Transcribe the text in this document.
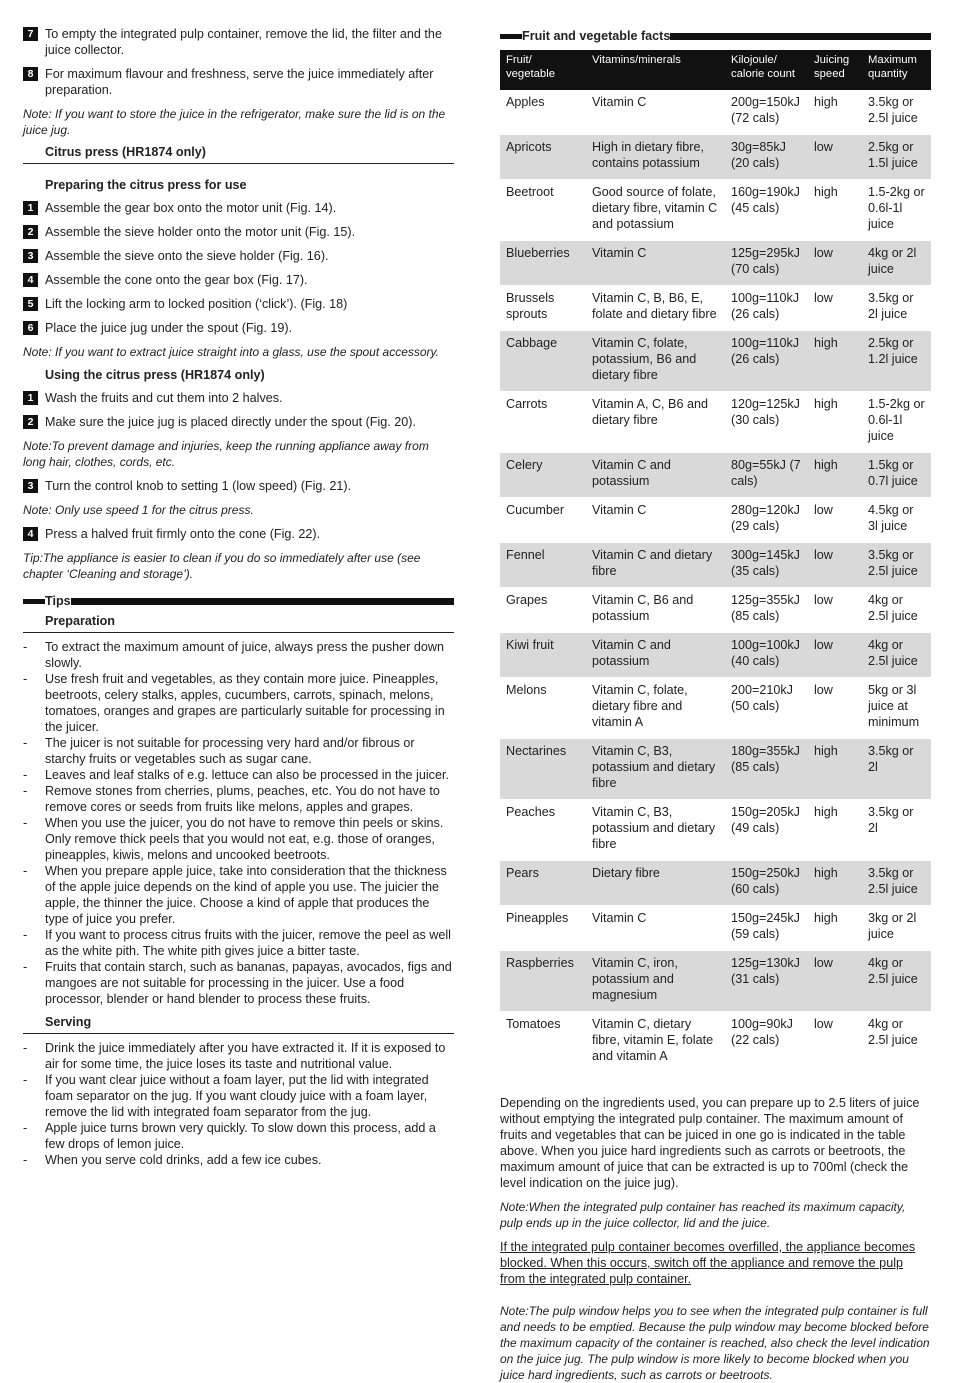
7 To empty the integrated pulp container, remove the lid, the filter and the juice collector.
8 For maximum flavour and freshness, serve the juice immediately after preparation.

Note: If you want to store the juice in the refrigerator, make sure the lid is on the juice jug.

Citrus press (HR1874 only)
Preparing the citrus press for use
1 Assemble the gear box onto the motor unit (Fig. 14).
2 Assemble the sieve holder onto the motor unit (Fig. 15).
3 Assemble the sieve onto the sieve holder (Fig. 16).
4 Assemble the cone onto the gear box (Fig. 17).
5 Lift the locking arm to locked position (‘click’). (Fig. 18)
6 Place the juice jug under the spout (Fig. 19).

Note: If you want to extract juice straight into a glass, use the spout accessory.

Using the citrus press (HR1874 only)
1 Wash the fruits and cut them into 2 halves.
2 Make sure the juice jug is placed directly under the spout (Fig. 20).

Note:To prevent damage and injuries, keep the running appliance away from long hair, clothes, cords, etc.

3 Turn the control knob to setting 1 (low speed) (Fig. 21).

Note: Only use speed 1 for the citrus press.

4 Press a halved fruit firmly onto the cone (Fig. 22).

Tip:The appliance is easier to clean if you do so immediately after use (see chapter ‘Cleaning and storage’).

Tips
Preparation
- To extract the maximum amount of juice, always press the pusher down slowly.
- Use fresh fruit and vegetables, as they contain more juice. Pineapples, beetroots, celery stalks, apples, cucumbers, carrots, spinach, melons, tomatoes, oranges and grapes are particularly suitable for processing in the juicer.
- The juicer is not suitable for processing very hard and/or fibrous or starchy fruits or vegetables such as sugar cane.
- Leaves and leaf stalks of e.g. lettuce can also be processed in the juicer.
- Remove stones from cherries, plums, peaches, etc. You do not have to remove cores or seeds from fruits like melons, apples and grapes.
- When you use the juicer, you do not have to remove thin peels or skins. Only remove thick peels that you would not eat, e.g. those of oranges, pineapples, kiwis, melons and uncooked beetroots.
- When you prepare apple juice, take into consideration that the thickness of the apple juice depends on the kind of apple you use. The juicier the apple, the thinner the juice. Choose a kind of apple that produces the type of juice you prefer.
- If you want to process citrus fruits with the juicer, remove the peel as well as the white pith. The white pith gives juice a bitter taste.
- Fruits that contain starch, such as bananas, papayas, avocados, figs and mangoes are not suitable for processing in the juicer. Use a food processor, blender or hand blender to process these fruits.
Serving
- Drink the juice immediately after you have extracted it. If it is exposed to air for some time, the juice loses its taste and nutritional value.
- If you want clear juice without a foam layer, put the lid with integrated foam separator on the jug. If you want cloudy juice with a foam layer, remove the lid with integrated foam separator from the jug.
- Apple juice turns brown very quickly. To slow down this process, add a few drops of lemon juice.
- When you serve cold drinks, add a few ice cubes.
Fruit and vegetable facts
Fruit/ vegetable	Vitamins/minerals	Kilojoule/ calorie count	Juicing speed	Maximum quantity
Apples	Vitamin C	200g=150kJ (72 cals)	high	3.5kg or 2.5l juice
Apricots	High in dietary fibre, contains potassium	30g=85kJ (20 cals)	low	2.5kg or 1.5l juice
Beetroot	Good source of folate, dietary fibre, vitamin C and potassium	160g=190kJ (45 cals)	high	1.5-2kg or 0.6l-1l juice
Blueberries	Vitamin C	125g=295kJ (70 cals)	low	4kg or 2l juice
Brussels sprouts	Vitamin C, B, B6, E, folate and dietary fibre	100g=110kJ (26 cals)	low	3.5kg or 2l juice
Cabbage	Vitamin C, folate, potassium, B6 and dietary fibre	100g=110kJ (26 cals)	high	2.5kg or 1.2l juice
Carrots	Vitamin A, C, B6 and dietary fibre	120g=125kJ (30 cals)	high	1.5-2kg or 0.6l-1l juice
Celery	Vitamin C and potassium	80g=55kJ (7 cals)	high	1.5kg or 0.7l juice
Cucumber	Vitamin C	280g=120kJ (29 cals)	low	4.5kg or 3l juice
Fennel	Vitamin C and dietary fibre	300g=145kJ (35 cals)	low	3.5kg or 2.5l juice
Grapes	Vitamin C, B6 and potassium	125g=355kJ (85 cals)	low	4kg or 2.5l juice
Kiwi fruit	Vitamin C and potassium	100g=100kJ (40 cals)	low	4kg or 2.5l juice
Melons	Vitamin C, folate, dietary fibre and vitamin A	200=210kJ (50 cals)	low	5kg or 3l juice at minimum
Nectarines	Vitamin C, B3, potassium and dietary fibre	180g=355kJ (85 cals)	high	3.5kg or 2l
Peaches	Vitamin C, B3, potassium and dietary fibre	150g=205kJ (49 cals)	high	3.5kg or 2l
Pears	Dietary fibre	150g=250kJ (60 cals)	high	3.5kg or 2.5l juice
Pineapples	Vitamin C	150g=245kJ (59 cals)	high	3kg or 2l juice
Raspberries	Vitamin C, iron, potassium and magnesium	125g=130kJ (31 cals)	low	4kg or 2.5l juice
Tomatoes	Vitamin C, dietary fibre, vitamin E, folate and vitamin A	100g=90kJ (22 cals)	low	4kg or 2.5l juice

Depending on the ingredients used, you can prepare up to 2.5 liters of juice without emptying the integrated pulp container. The maximum amount of fruits and vegetables that can be juiced in one go is indicated in the table above. When you juice hard ingredients such as carrots or beetroots, the maximum amount of juice that can be extracted is up to 700ml (check the level indication on the juice jug).

Note:When the integrated pulp container has reached its maximum capacity, pulp ends up in the juice collector, lid and the juice.

If the integrated pulp container becomes overfilled, the appliance becomes blocked. When this occurs, switch off the appliance and remove the pulp from the integrated pulp container.

Note:The pulp window helps you to see when the integrated pulp container is full and needs to be emptied. Because the pulp window may become blocked before the maximum capacity of the container is reached, also check the level indication on the juice jug. The pulp window is more likely to become blocked when you juice hard ingredients, such as carrots or beetroots.
